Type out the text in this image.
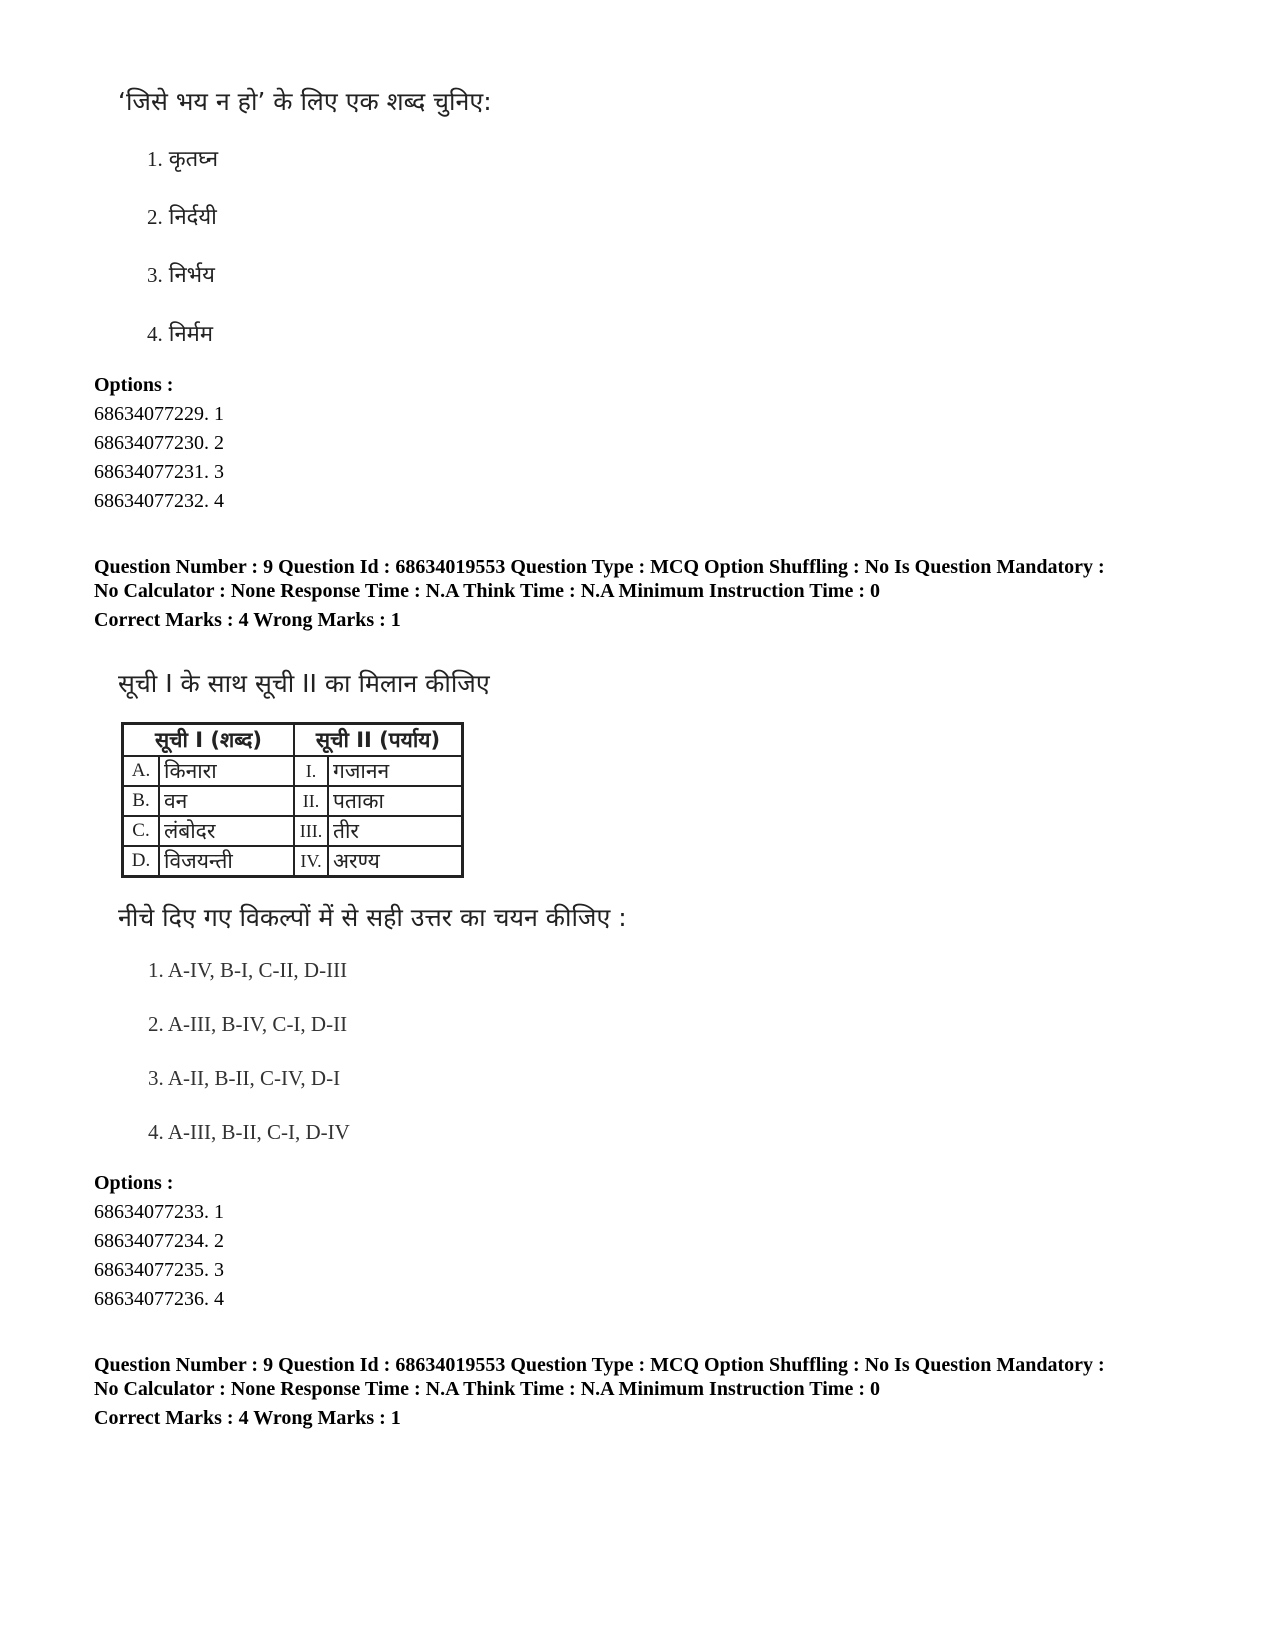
‘जिसे भय न हो’ के लिए एक शब्द चुनिए:
1. कृतघ्न
2. निर्दयी
3. निर्भय
4. निर्मम
Options :
68634077229. 1
68634077230. 2
68634077231. 3
68634077232. 4
Question Number : 9 Question Id : 68634019553 Question Type : MCQ Option Shuffling : No Is Question Mandatory :
No Calculator : None Response Time : N.A Think Time : N.A Minimum Instruction Time : 0
Correct Marks : 4 Wrong Marks : 1
सूची I के साथ सूची II का मिलान कीजिए
सूची I (शब्द)		सूची II (पर्याय)	
A.	किनारा	I.	गजानन
B.	वन	II.	पताका
C.	लंबोदर	III.	तीर
D.	विजयन्ती	IV.	अरण्य
नीचे दिए गए विकल्पों में से सही उत्तर का चयन कीजिए :
1. A-IV, B-I, C-II, D-III
2. A-III, B-IV, C-I, D-II
3. A-II, B-II, C-IV, D-I
4. A-III, B-II, C-I, D-IV
Options :
68634077233. 1
68634077234. 2
68634077235. 3
68634077236. 4
Question Number : 9 Question Id : 68634019553 Question Type : MCQ Option Shuffling : No Is Question Mandatory :
No Calculator : None Response Time : N.A Think Time : N.A Minimum Instruction Time : 0
Correct Marks : 4 Wrong Marks : 1
